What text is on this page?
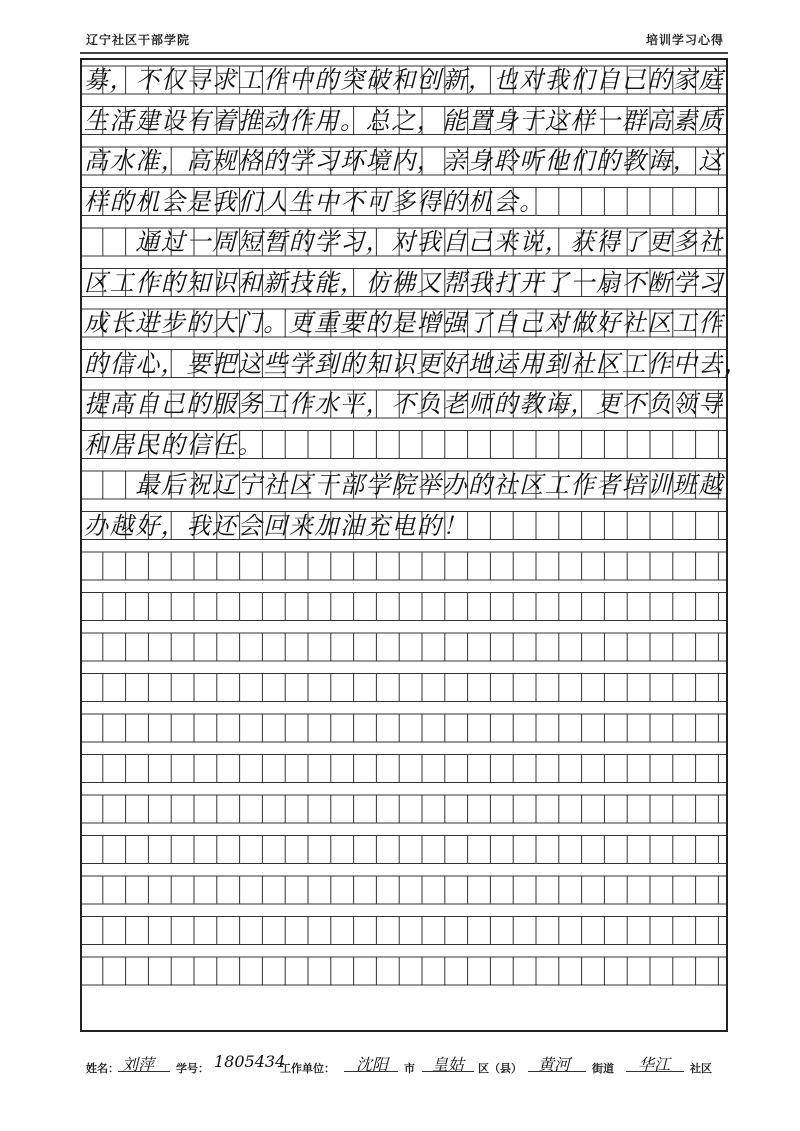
辽宁社区干部学院	培训学习心得
募，不仅寻求工作中的突破和创新，也对我们自己的家庭
生活建设有着推动作用。总之，能置身于这样一群高素质
高水准，高规格的学习环境内，亲身聆听他们的教诲，这
样的机会是我们人生中不可多得的机会。
　　通过一周短暂的学习，对我自己来说，获得了更多社
区工作的知识和新技能，仿佛又帮我打开了一扇不断学习
成长进步的大门。更重要的是增强了自己对做好社区工作
的信心，要把这些学到的知识更好地运用到社区工作中去，
提高自己的服务工作水平，不负老师的教诲，更不负领导
和居民的信任。
　　最后祝辽宁社区干部学院举办的社区工作者培训班越
办越好，我还会回来加油充电的！
姓名： 刘萍 学号： 1805434
工作单位： 沈阳 市 皇姑 区（县） 黄河 街道 华江 社区
